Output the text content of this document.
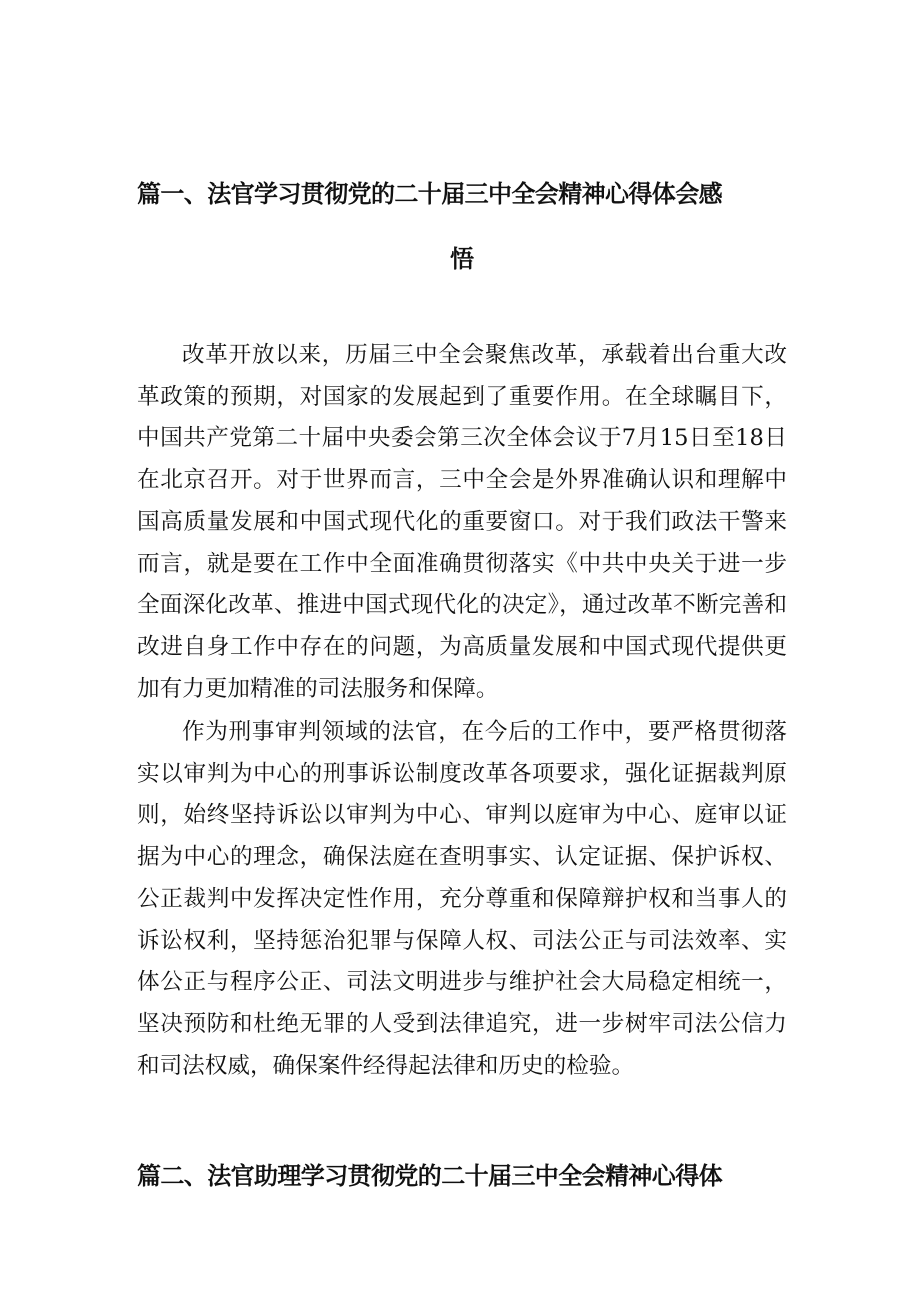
篇一、法官学习贯彻党的二十届三中全会精神心得体会感
悟

改革开放以来，历届三中全会聚焦改革，承载着出台重大改革政策的预期，对国家的发展起到了重要作用。在全球瞩目下，中国共产党第二十届中央委会第三次全体会议于7月15日至18日在北京召开。对于世界而言，三中全会是外界准确认识和理解中国高质量发展和中国式现代化的重要窗口。对于我们政法干警来而言，就是要在工作中全面准确贯彻落实《中共中央关于进一步全面深化改革、推进中国式现代化的决定》，通过改革不断完善和改进自身工作中存在的问题，为高质量发展和中国式现代提供更加有力更加精准的司法服务和保障。

作为刑事审判领域的法官，在今后的工作中，要严格贯彻落实以审判为中心的刑事诉讼制度改革各项要求，强化证据裁判原则，始终坚持诉讼以审判为中心、审判以庭审为中心、庭审以证据为中心的理念，确保法庭在查明事实、认定证据、保护诉权、公正裁判中发挥决定性作用，充分尊重和保障辩护权和当事人的诉讼权利，坚持惩治犯罪与保障人权、司法公正与司法效率、实体公正与程序公正、司法文明进步与维护社会大局稳定相统一，坚决预防和杜绝无罪的人受到法律追究，进一步树牢司法公信力和司法权威，确保案件经得起法律和历史的检验。

篇二、法官助理学习贯彻党的二十届三中全会精神心得体
